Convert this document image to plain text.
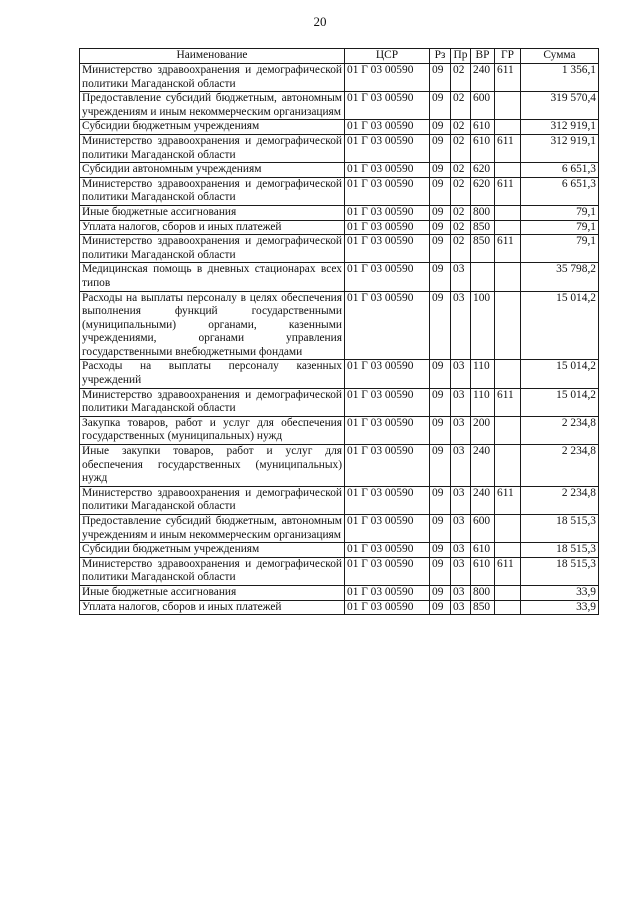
20
Наименование	ЦСР	Рз	Пр	ВР	ГР	Сумма
Министерство здравоохранения и демографической политики Магаданской области	01 Г 03 00590	09	02	240	611	1 356,1
Предоставление субсидий бюджетным, автономным учреждениям и иным некоммерческим организациям	01 Г 03 00590	09	02	600		319 570,4
Субсидии бюджетным учреждениям	01 Г 03 00590	09	02	610		312 919,1
Министерство здравоохранения и демографической политики Магаданской области	01 Г 03 00590	09	02	610	611	312 919,1
Субсидии автономным учреждениям	01 Г 03 00590	09	02	620		6 651,3
Министерство здравоохранения и демографической политики Магаданской области	01 Г 03 00590	09	02	620	611	6 651,3
Иные бюджетные ассигнования	01 Г 03 00590	09	02	800		79,1
Уплата налогов, сборов и иных платежей	01 Г 03 00590	09	02	850		79,1
Министерство здравоохранения и демографической политики Магаданской области	01 Г 03 00590	09	02	850	611	79,1
Медицинская помощь в дневных стационарах всех типов	01 Г 03 00590	09	03			35 798,2
Расходы на выплаты персоналу в целях обеспечения выполнения функций государственными (муниципальными) органами, казенными учреждениями, органами управления государственными внебюджетными фондами	01 Г 03 00590	09	03	100		15 014,2
Расходы на выплаты персоналу казенных учреждений	01 Г 03 00590	09	03	110		15 014,2
Министерство здравоохранения и демографической политики Магаданской области	01 Г 03 00590	09	03	110	611	15 014,2
Закупка товаров, работ и услуг для обеспечения государственных (муниципальных) нужд	01 Г 03 00590	09	03	200		2 234,8
Иные закупки товаров, работ и услуг для обеспечения государственных (муниципальных) нужд	01 Г 03 00590	09	03	240		2 234,8
Министерство здравоохранения и демографической политики Магаданской области	01 Г 03 00590	09	03	240	611	2 234,8
Предоставление субсидий бюджетным, автономным учреждениям и иным некоммерческим организациям	01 Г 03 00590	09	03	600		18 515,3
Субсидии бюджетным учреждениям	01 Г 03 00590	09	03	610		18 515,3
Министерство здравоохранения и демографической политики Магаданской области	01 Г 03 00590	09	03	610	611	18 515,3
Иные бюджетные ассигнования	01 Г 03 00590	09	03	800		33,9
Уплата налогов, сборов и иных платежей	01 Г 03 00590	09	03	850		33,9
